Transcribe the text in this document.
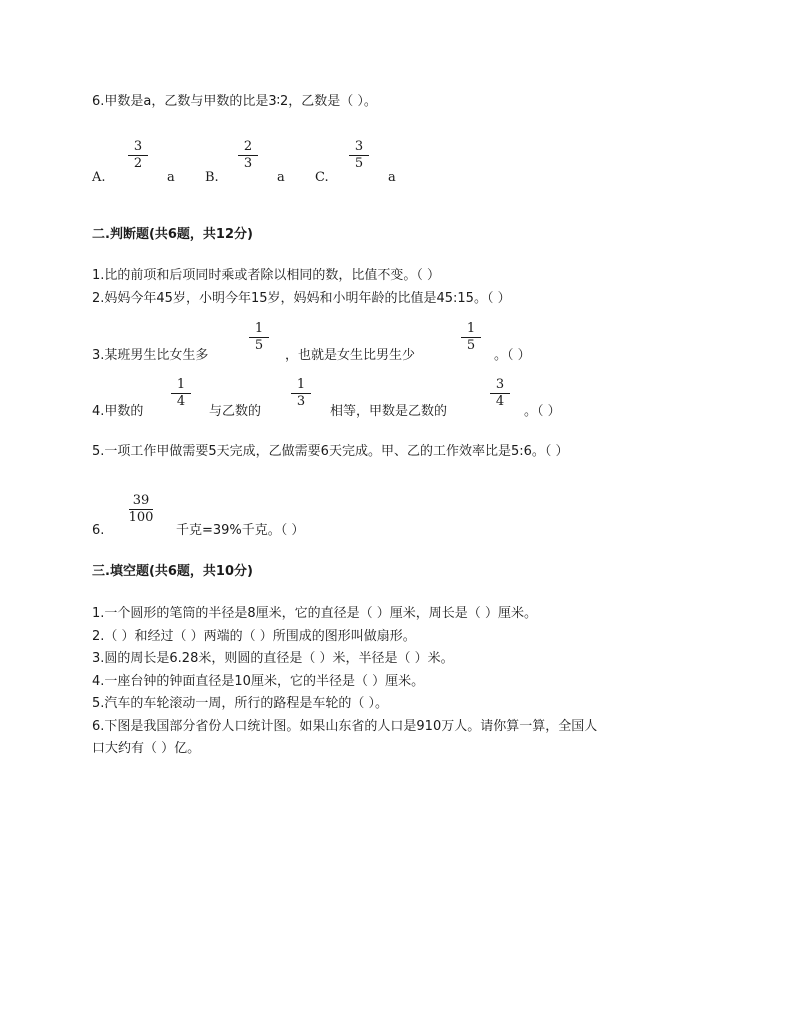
6.甲数是a，乙数与甲数的比是3∶2，乙数是（ ）。
A.
3
2
a B.
2
3
a C.
3
5
a
二.判断题(共6题，共12分)
1.比的前项和后项同时乘或者除以相同的数，比值不变。（ ）
2.妈妈今年45岁，小明今年15岁，妈妈和小明年龄的比值是45:15。（ ）
3.某班男生比女生多
1
5
，也就是女生比男生少
1
5
。（ ）
4.甲数的
1
4
与乙数的
1
3
相等，甲数是乙数的
3
4
。（ ）
5.一项工作甲做需要5天完成，乙做需要6天完成。甲、乙的工作效率比是5:6。（ ）
6.
39
100
千克=39%千克。（ ）
三.填空题(共6题，共10分)
1.一个圆形的笔筒的半径是8厘米，它的直径是（ ）厘米，周长是（ ）厘米。
2.（ ）和经过（ ）两端的（ ）所围成的图形叫做扇形。
3.圆的周长是6.28米，则圆的直径是（ ）米，半径是（ ）米。
4.一座台钟的钟面直径是10厘米，它的半径是（ ）厘米。
5.汽车的车轮滚动一周，所行的路程是车轮的（ ）。
6.下图是我国部分省份人口统计图。如果山东省的人口是910万人。请你算一算，全国人
口大约有（ ）亿。
